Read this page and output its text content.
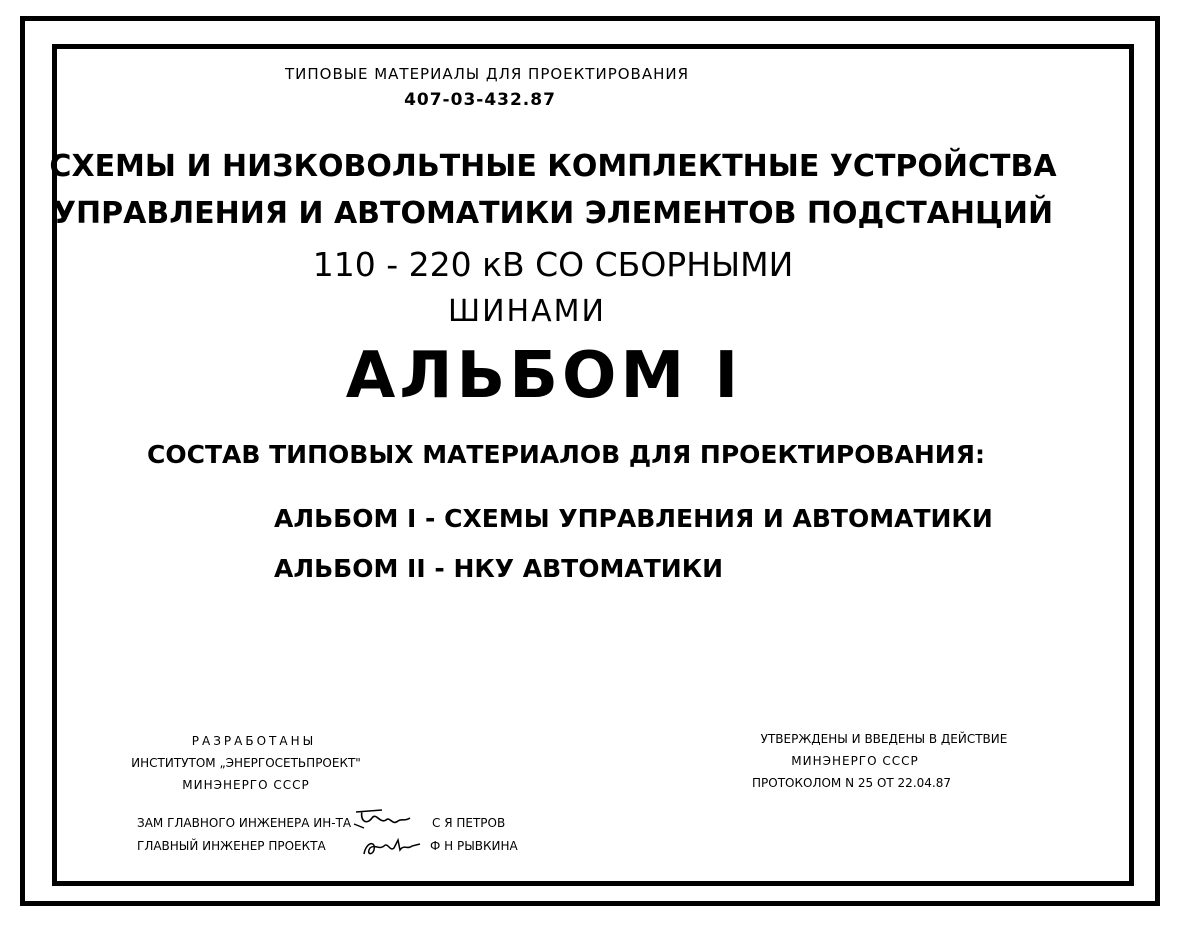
ТИПОВЫЕ МАТЕРИАЛЫ ДЛЯ ПРОЕКТИРОВАНИЯ
407-03-432.87
СХЕМЫ И НИЗКОВОЛЬТНЫЕ КОМПЛЕКТНЫЕ УСТРОЙСТВА
УПРАВЛЕНИЯ И АВТОМАТИКИ ЭЛЕМЕНТОВ ПОДСТАНЦИЙ
110 - 220 кВ СО СБОРНЫМИ
ШИНАМИ
АЛЬБОМ I
СОСТАВ ТИПОВЫХ МАТЕРИАЛОВ ДЛЯ ПРОЕКТИРОВАНИЯ:
АЛЬБОМ I - СХЕМЫ УПРАВЛЕНИЯ И АВТОМАТИКИ
АЛЬБОМ II - НКУ АВТОМАТИКИ
РАЗРАБОТАНЫ
ИНСТИТУТОМ „ЭНЕРГОСЕТЬПРОЕКТ"
МИНЭНЕРГО СССР
УТВЕРЖДЕНЫ И ВВЕДЕНЫ В ДЕЙСТВИЕ
МИНЭНЕРГО СССР
ПРОТОКОЛОМ N 25 ОТ 22.04.87
ЗАМ ГЛАВНОГО ИНЖЕНЕРА ИН-ТА
ГЛАВНЫЙ ИНЖЕНЕР ПРОЕКТА
С Я ПЕТРОВ
Ф Н РЫВКИНА
